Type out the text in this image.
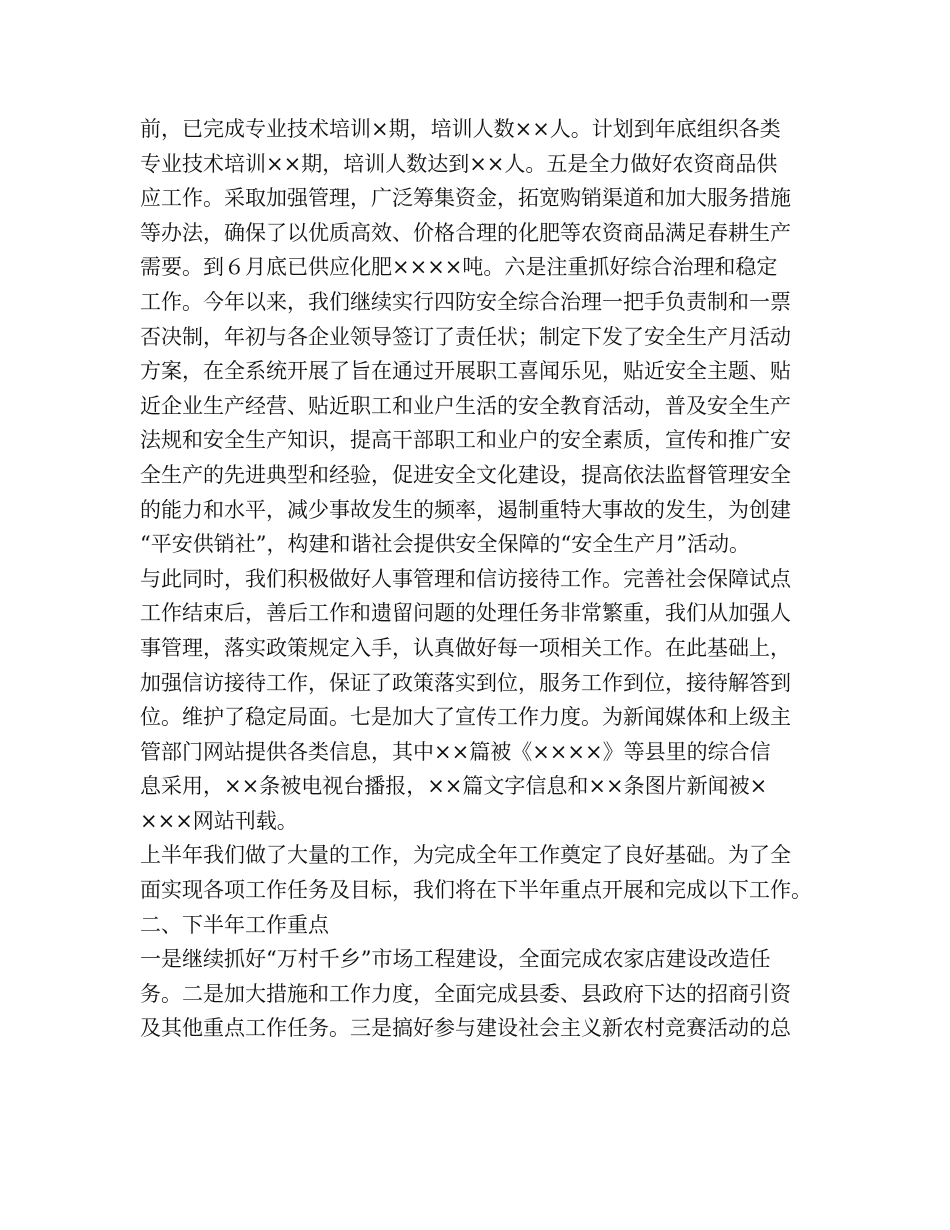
前，已完成专业技术培训×期，培训人数××人。计划到年底组织各类
专业技术培训××期，培训人数达到××人。五是全力做好农资商品供
应工作。采取加强管理，广泛筹集资金，拓宽购销渠道和加大服务措施
等办法，确保了以优质高效、价格合理的化肥等农资商品满足春耕生产
需要。到６月底已供应化肥××××吨。六是注重抓好综合治理和稳定
工作。今年以来，我们继续实行四防安全综合治理一把手负责制和一票
否决制，年初与各企业领导签订了责任状；制定下发了安全生产月活动
方案，在全系统开展了旨在通过开展职工喜闻乐见，贴近安全主题、贴
近企业生产经营、贴近职工和业户生活的安全教育活动，普及安全生产
法规和安全生产知识，提高干部职工和业户的安全素质，宣传和推广安
全生产的先进典型和经验，促进安全文化建设，提高依法监督管理安全
的能力和水平，减少事故发生的频率，遏制重特大事故的发生，为创建
“平安供销社”，构建和谐社会提供安全保障的“安全生产月”活动。
与此同时，我们积极做好人事管理和信访接待工作。完善社会保障试点
工作结束后，善后工作和遗留问题的处理任务非常繁重，我们从加强人
事管理，落实政策规定入手，认真做好每一项相关工作。在此基础上，
加强信访接待工作，保证了政策落实到位，服务工作到位，接待解答到
位。维护了稳定局面。七是加大了宣传工作力度。为新闻媒体和上级主
管部门网站提供各类信息，其中××篇被《××××》等县里的综合信
息采用，××条被电视台播报，××篇文字信息和××条图片新闻被×
×××网站刊载。
上半年我们做了大量的工作，为完成全年工作奠定了良好基础。为了全
面实现各项工作任务及目标，我们将在下半年重点开展和完成以下工作。
二、下半年工作重点
一是继续抓好“万村千乡”市场工程建设，全面完成农家店建设改造任
务。二是加大措施和工作力度，全面完成县委、县政府下达的招商引资
及其他重点工作任务。三是搞好参与建设社会主义新农村竞赛活动的总
